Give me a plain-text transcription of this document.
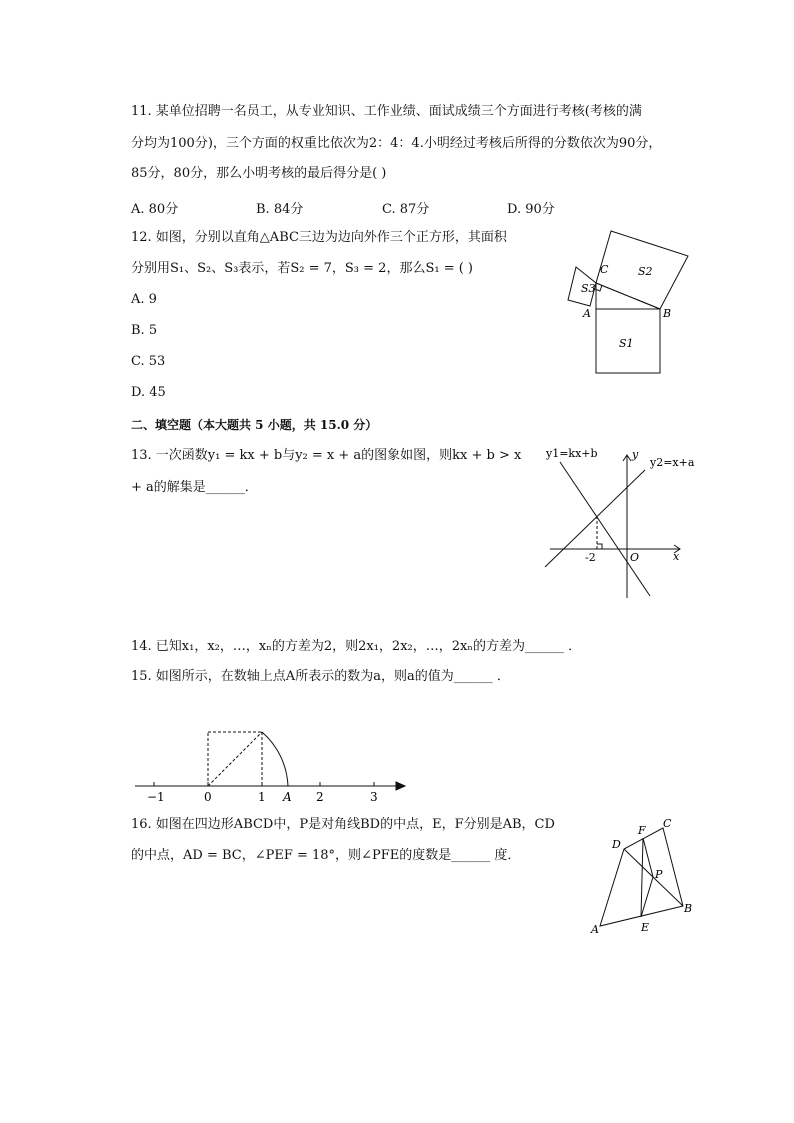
11. 某单位招聘一名员工，从专业知识、工作业绩、面试成绩三个方面进行考核(考核的满
分均为100分)，三个方面的权重比依次为2：4：4.小明经过考核后所得的分数依次为90分，
85分，80分，那么小明考核的最后得分是( )
A. 80分	B. 84分	C. 87分	D. 90分
12. 如图，分别以直角△ABC三边为边向外作三个正方形，其面积
分别用S₁、S₂、S₃表示，若S₂ = 7，S₃ = 2，那么S₁ = ( )
A. 9
B. 5
C. 53
D. 45
C	S2
S3
A	B
S1
二、填空题（本大题共 5 小题，共 15.0 分）
13. 一次函数y₁ = kx + b与y₂ = x + a的图象如图，则kx + b > x
+ a的解集是______．
y1=kx+b	y
y2=x+a
-2	O	x
14. 已知x₁，x₂，…，xₙ的方差为2，则2x₁，2x₂，…，2xₙ的方差为______ ．
15. 如图所示，在数轴上点A所表示的数为a，则a的值为______ ．
−1	0	1 A 2	3
16. 如图在四边形ABCD中，P是对角线BD的中点，E，F分别是AB，CD
的中点，AD = BC，∠PEF = 18°，则∠PFE的度数是______ 度．
D
F
C
P
B
A	E
